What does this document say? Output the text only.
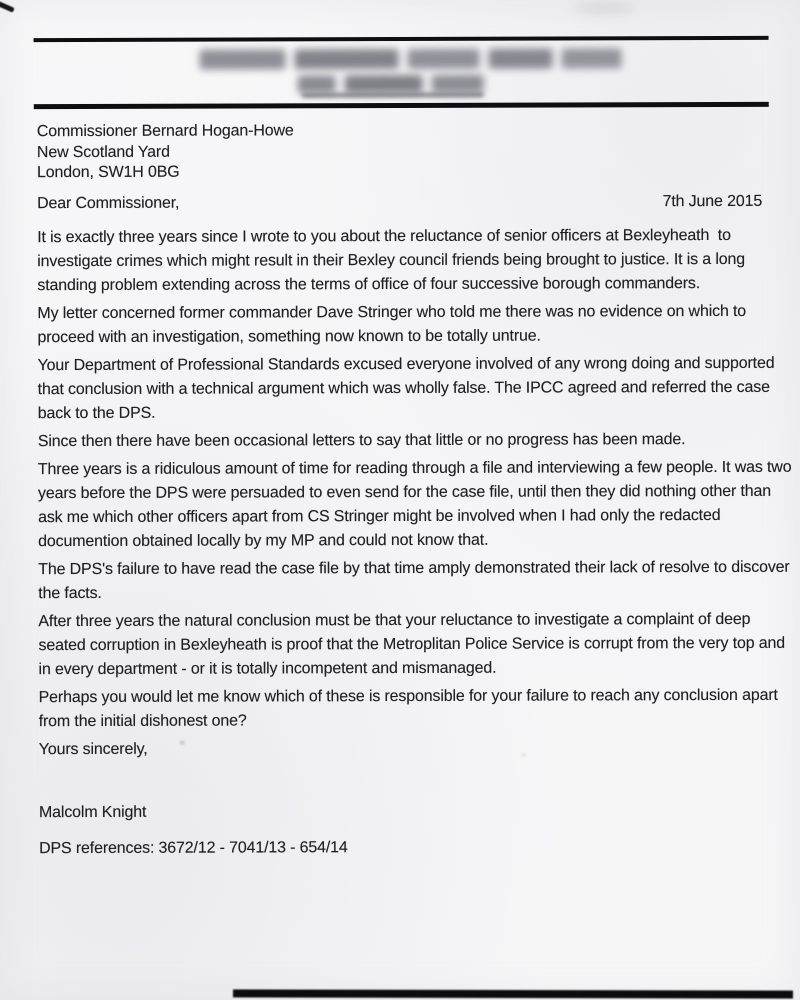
Commissioner Bernard Hogan-Howe
New Scotland Yard
London, SW1H 0BG
Dear Commissioner,	7th June 2015

It is exactly three years since I wrote to you about the reluctance of senior officers at Bexleyheath  to
investigate crimes which might result in their Bexley council friends being brought to justice. It is a long
standing problem extending across the terms of office of four successive borough commanders.

My letter concerned former commander Dave Stringer who told me there was no evidence on which to
proceed with an investigation, something now known to be totally untrue.

Your Department of Professional Standards excused everyone involved of any wrong doing and supported
that conclusion with a technical argument which was wholly false. The IPCC agreed and referred the case
back to the DPS.

Since then there have been occasional letters to say that little or no progress has been made.

Three years is a ridiculous amount of time for reading through a file and interviewing a few people. It was two
years before the DPS were persuaded to even send for the case file, until then they did nothing other than
ask me which other officers apart from CS Stringer might be involved when I had only the redacted
documention obtained locally by my MP and could not know that.

The DPS's failure to have read the case file by that time amply demonstrated their lack of resolve to discover
the facts.

After three years the natural conclusion must be that your reluctance to investigate a complaint of deep
seated corruption in Bexleyheath is proof that the Metroplitan Police Service is corrupt from the very top and
in every department - or it is totally incompetent and mismanaged.

Perhaps you would let me know which of these is responsible for your failure to reach any conclusion apart
from the initial dishonest one?

Yours sincerely,

Malcolm Knight
DPS references: 3672/12 - 7041/13 - 654/14
